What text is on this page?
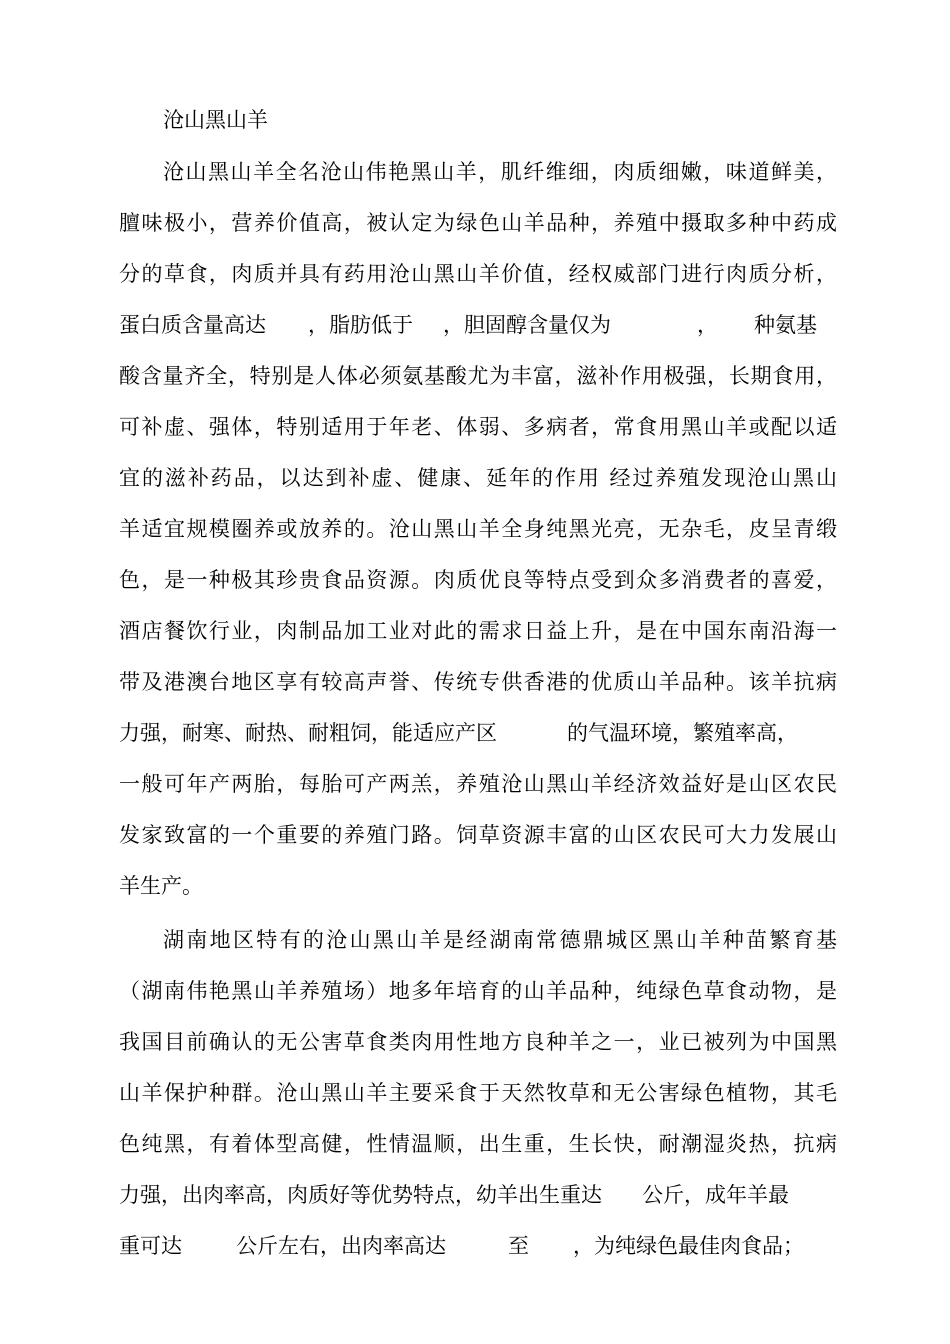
沧山黑山羊
沧山黑山羊全名沧山伟艳黑山羊，肌纤维细，肉质细嫩，味道鲜美，
膻味极小，营养价值高，被认定为绿色山羊品种，养殖中摄取多种中药成
分的草食，肉质并具有药用沧山黑山羊价值，经权威部门进行肉质分析，
蛋白质含量高达 ，脂肪低于 ，胆固醇含量仅为	， 种氨基
酸含量齐全，特别是人体必须氨基酸尤为丰富，滋补作用极强，长期食用，
可补虚、强体，特别适用于年老、体弱、多病者，常食用黑山羊或配以适
宜的滋补药品，以达到补虚、健康、延年的作用 经过养殖发现沧山黑山
羊适宜规模圈养或放养的。沧山黑山羊全身纯黑光亮，无杂毛，皮呈青缎
色，是一种极其珍贵食品资源。肉质优良等特点受到众多消费者的喜爱，
酒店餐饮行业，肉制品加工业对此的需求日益上升，是在中国东南沿海一
带及港澳台地区享有较高声誉、传统专供香港的优质山羊品种。该羊抗病
力强，耐寒、耐热、耐粗饲，能适应产区	的气温环境，繁殖率高，
一般可年产两胎，每胎可产两羔，养殖沧山黑山羊经济效益好是山区农民
发家致富的一个重要的养殖门路。饲草资源丰富的山区农民可大力发展山
羊生产。
湖南地区特有的沧山黑山羊是经湖南常德鼎城区黑山羊种苗繁育基
（湖南伟艳黑山羊养殖场）地多年培育的山羊品种，纯绿色草食动物，是
我国目前确认的无公害草食类肉用性地方良种羊之一，业已被列为中国黑
山羊保护种群。沧山黑山羊主要采食于天然牧草和无公害绿色植物，其毛
色纯黑，有着体型高健，性情温顺，出生重，生长快，耐潮湿炎热，抗病
力强，出肉率高，肉质好等优势特点，幼羊出生重达 公斤，成年羊最
重可达	公斤左右，出肉率高达	至 ，为纯绿色最佳肉食品；
